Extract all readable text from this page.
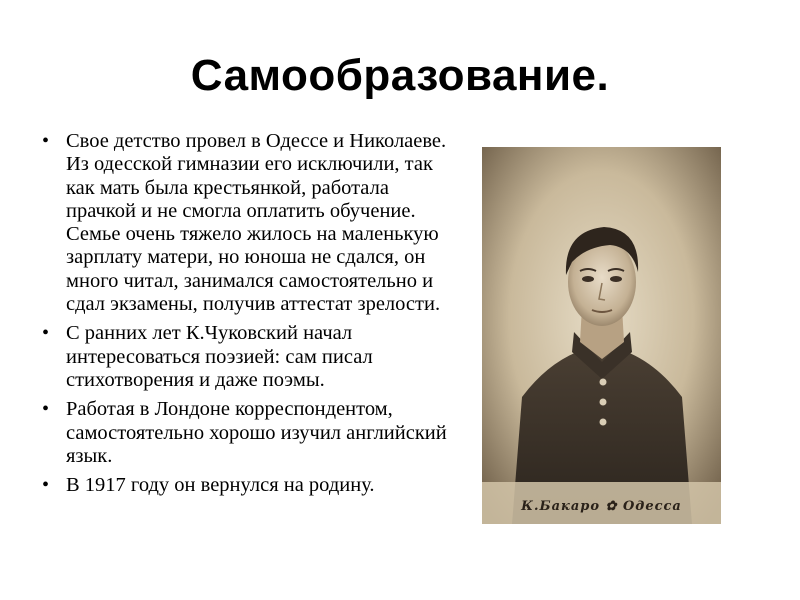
Самообразование.
• Свое детство провел в Одессе и Николаеве. Из одесской гимназии его исключили, так как мать была крестьянкой, работала прачкой и не смогла оплатить обучение. Семье очень тяжело жилось на маленькую зарплату матери, но юноша не сдался, он много читал, занимался самостоятельно и сдал экзамены, получив аттестат зрелости.
• С ранних лет К.Чуковский начал интересоваться поэзией: сам писал стихотворения и даже поэмы.
• Работая в Лондоне корреспондентом, самостоятельно хорошо изучил английский язык.
• В 1917 году он вернулся на родину.
К.Бакаро ✿ Одесса
